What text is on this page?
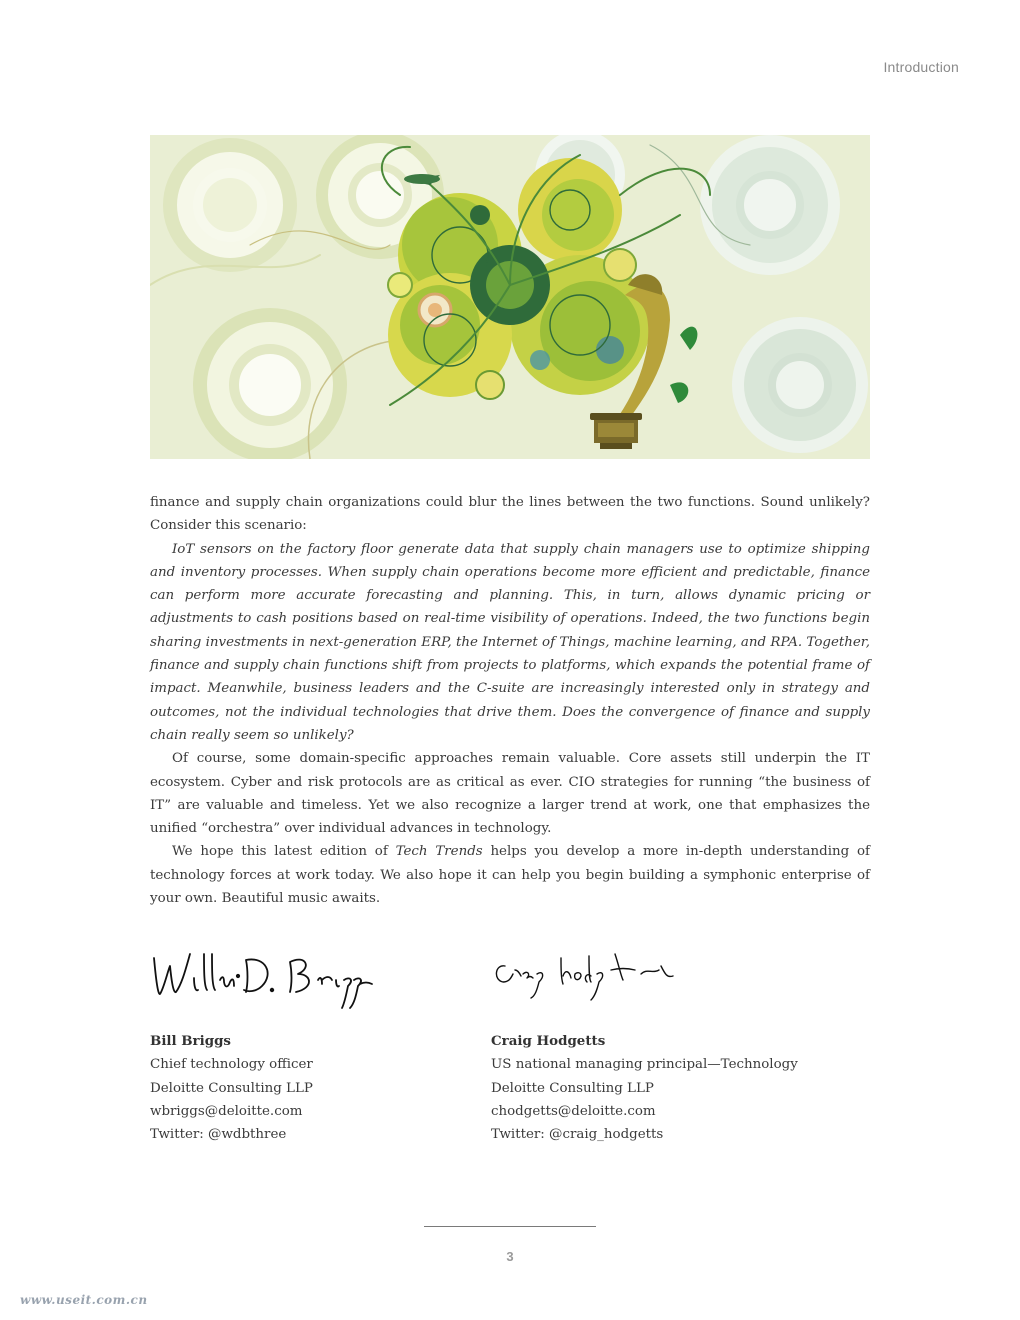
Introduction

finance and supply chain organizations could blur the lines between the two functions. Sound unlikely? Consider this scenario:

IoT sensors on the factory floor generate data that supply chain managers use to optimize shipping and inventory processes. When supply chain operations become more efficient and predictable, finance can perform more accurate forecasting and planning. This, in turn, allows dynamic pricing or adjustments to cash positions based on real-time visibility of operations. Indeed, the two functions begin sharing investments in next-generation ERP, the Internet of Things, machine learning, and RPA. Together, finance and supply chain functions shift from projects to platforms, which expands the potential frame of impact. Meanwhile, business leaders and the C-suite are increasingly interested only in strategy and outcomes, not the individual technologies that drive them. Does the convergence of finance and supply chain really seem so unlikely?

Of course, some domain-specific approaches remain valuable. Core assets still underpin the IT ecosystem. Cyber and risk protocols are as critical as ever. CIO strategies for running “the business of IT” are valuable and timeless. Yet we also recognize a larger trend at work, one that emphasizes the unified “orchestra” over individual advances in technology.

We hope this latest edition of Tech Trends helps you develop a more in-depth understanding of technology forces at work today. We also hope it can help you begin building a symphonic enterprise of your own. Beautiful music awaits.

Bill Briggs
Chief technology officer
Deloitte Consulting LLP
wbriggs@deloitte.com
Twitter: @wdbthree
Craig Hodgetts
US national managing principal—Technology
Deloitte Consulting LLP
chodgetts@deloitte.com
Twitter: @craig_hodgetts
3
www.useit.com.cn
